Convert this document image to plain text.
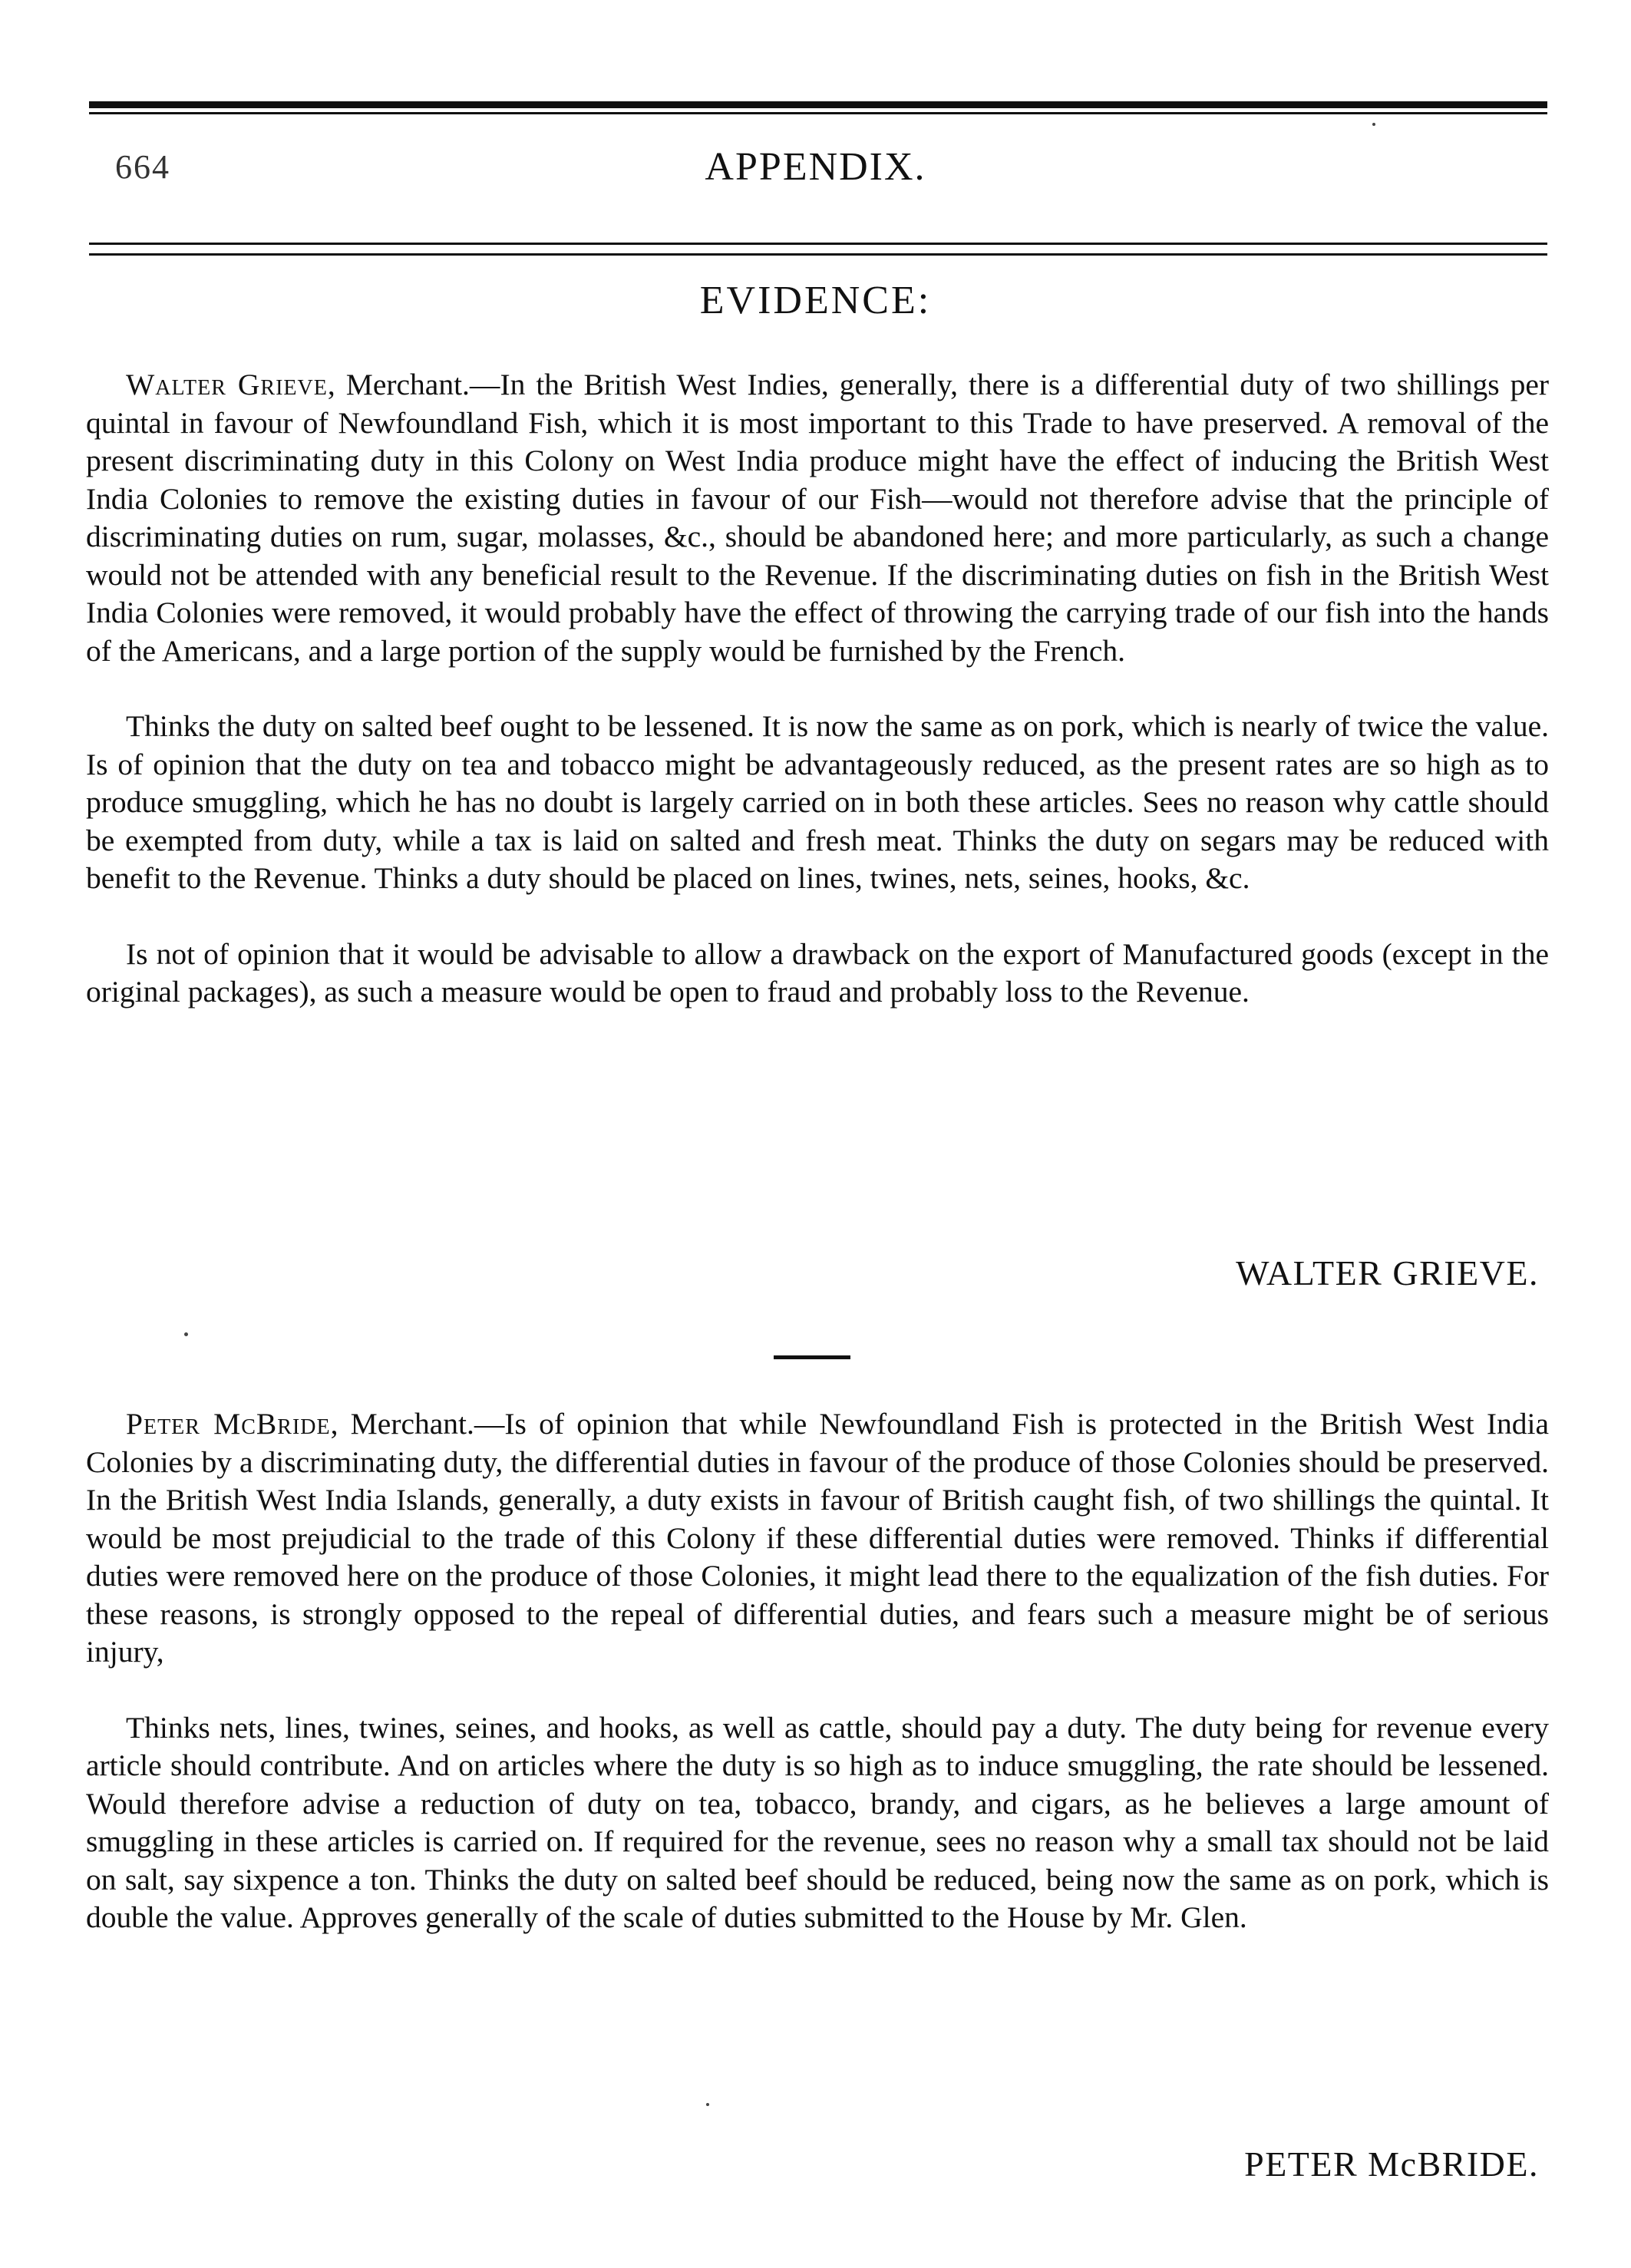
664	APPENDIX.
EVIDENCE:

Walter Grieve, Merchant.—In the British West Indies, generally, there is a differential duty of two shillings per quintal in favour of Newfoundland Fish, which it is most important to this Trade to have preserved. A removal of the present discriminating duty in this Colony on West India produce might have the effect of inducing the British West India Colonies to remove the existing duties in favour of our Fish—would not therefore advise that the principle of discriminating duties on rum, sugar, molasses, &c., should be abandoned here; and more particularly, as such a change would not be attended with any beneficial result to the Revenue. If the discriminating duties on fish in the British West India Colonies were removed, it would probably have the effect of throwing the carrying trade of our fish into the hands of the Americans, and a large portion of the supply would be furnished by the French.

Thinks the duty on salted beef ought to be lessened. It is now the same as on pork, which is nearly of twice the value. Is of opinion that the duty on tea and tobacco might be advantageously reduced, as the present rates are so high as to produce smuggling, which he has no doubt is largely carried on in both these articles. Sees no reason why cattle should be exempted from duty, while a tax is laid on salted and fresh meat. Thinks the duty on segars may be reduced with benefit to the Revenue. Thinks a duty should be placed on lines, twines, nets, seines, hooks, &c.

Is not of opinion that it would be advisable to allow a drawback on the export of Manufactured goods (except in the original packages), as such a measure would be open to fraud and probably loss to the Revenue.

WALTER GRIEVE.

Peter McBride, Merchant.—Is of opinion that while Newfoundland Fish is protected in the British West India Colonies by a discriminating duty, the differential duties in favour of the produce of those Colonies should be preserved. In the British West India Islands, generally, a duty exists in favour of British caught fish, of two shillings the quintal. It would be most prejudicial to the trade of this Colony if these differential duties were removed. Thinks if differential duties were removed here on the produce of those Colonies, it might lead there to the equalization of the fish duties. For these reasons, is strongly opposed to the repeal of differential duties, and fears such a measure might be of serious injury,

Thinks nets, lines, twines, seines, and hooks, as well as cattle, should pay a duty. The duty being for revenue every article should contribute. And on articles where the duty is so high as to induce smuggling, the rate should be lessened. Would therefore advise a reduction of duty on tea, tobacco, brandy, and cigars, as he believes a large amount of smuggling in these articles is carried on. If required for the revenue, sees no reason why a small tax should not be laid on salt, say sixpence a ton. Thinks the duty on salted beef should be reduced, being now the same as on pork, which is double the value. Approves generally of the scale of duties submitted to the House by Mr. Glen.

PETER McBRIDE.
